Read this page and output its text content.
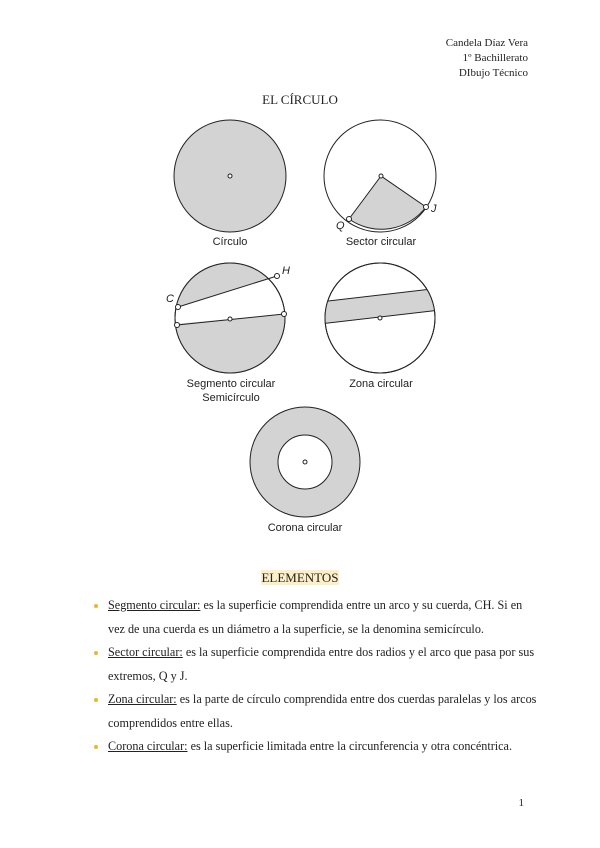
Candela Díaz Vera
1º Bachillerato
DIbujo Técnico
EL CÍRCULO
Círculo	Sector circular
Q
J
C
H
Segmento circular
Semicírculo
Zona circular
Corona circular
ELEMENTOS
Segmento circular: es la superficie comprendida entre un arco y su cuerda, CH. Si en vez de una cuerda es un diámetro a la superficie, se la denomina semicírculo.
Sector circular: es la superficie comprendida entre dos radios y el arco que pasa por sus extremos, Q y J.
Zona circular: es la parte de círculo comprendida entre dos cuerdas paralelas y los arcos comprendidos entre ellas.
Corona circular: es la superficie limitada entre la circunferencia y otra concéntrica.
1
